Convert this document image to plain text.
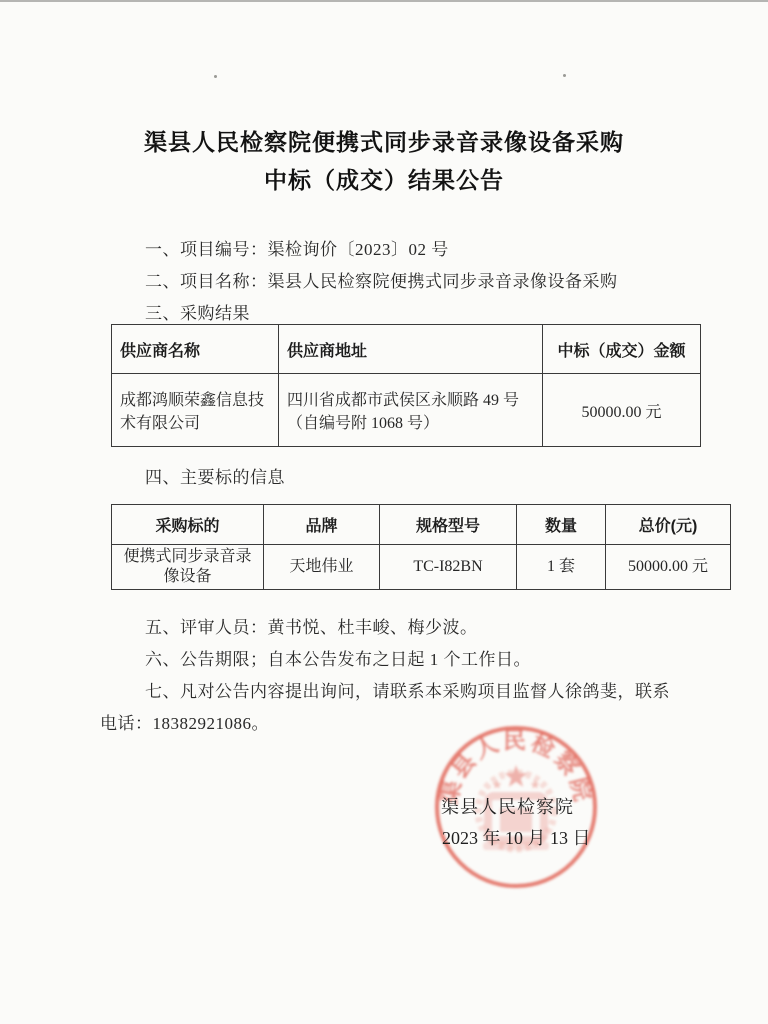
渠县人民检察院便携式同步录音录像设备采购
中标（成交）结果公告
一、项目编号：渠检询价〔2023〕02 号
二、项目名称：渠县人民检察院便携式同步录音录像设备采购
三、采购结果
供应商名称	供应商地址	中标（成交）金额
成都鸿顺荣鑫信息技术有限公司	四川省成都市武侯区永顺路 49 号（自编号附 1068 号）	50000.00 元
四、主要标的信息
采购标的	品牌	规格型号	数量	总价(元)
便携式同步录音录像设备	天地伟业	TC-I82BN	1 套	50000.00 元
五、评审人员：黄书悦、杜丰峻、梅少波。
六、公告期限；自本公告发布之日起 1 个工作日。
七、凡对公告内容提出询问，请联系本采购项目监督人徐鸽斐，联系电话：18382921086。
渠县人民检察院
渠县人民检察院
2023 年 10 月 13 日
